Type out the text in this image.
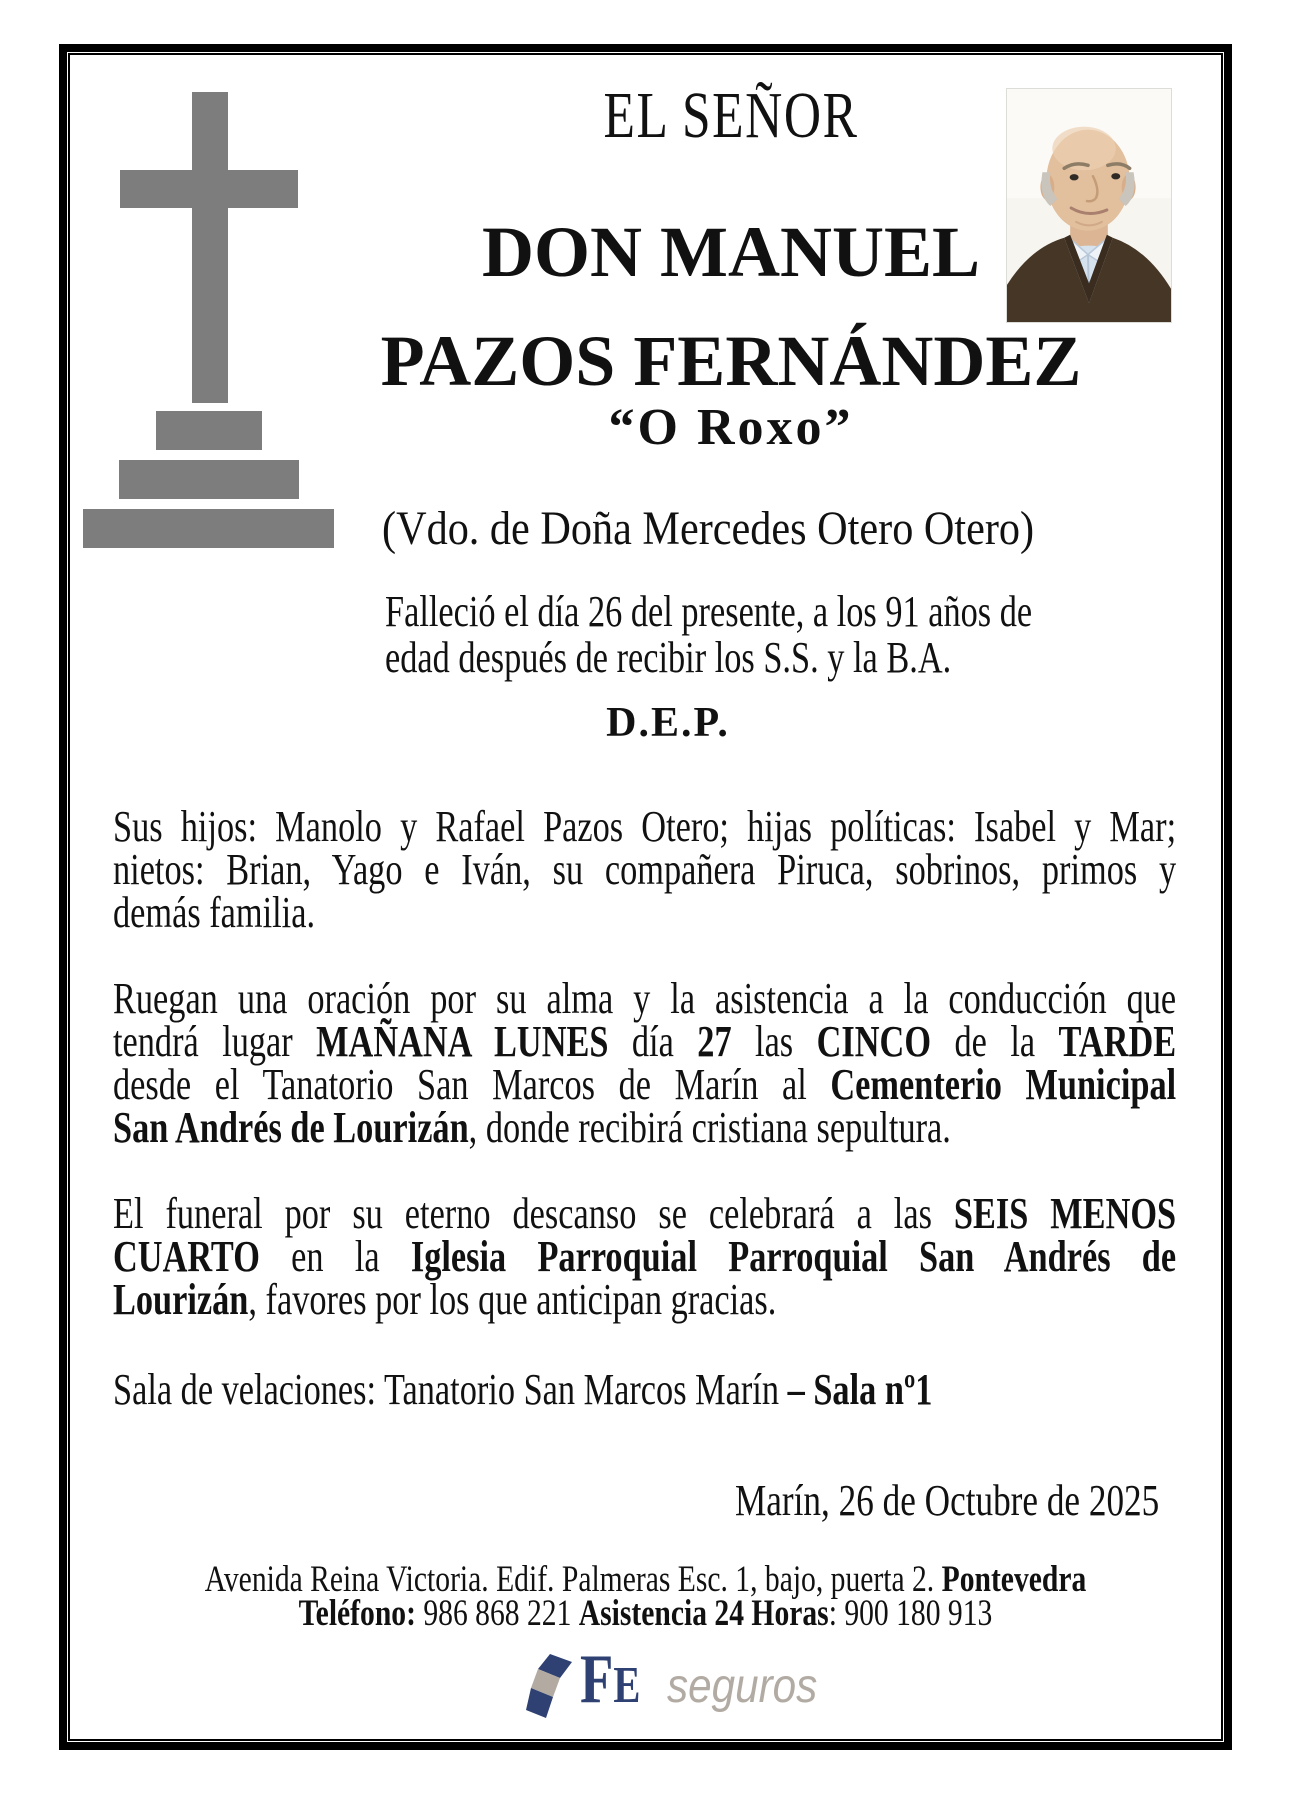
EL SEÑOR
DON MANUEL
PAZOS FERNÁNDEZ
“O Roxo”
(Vdo. de Doña Mercedes Otero Otero)
Falleció el día 26 del presente, a los 91 años de
edad después de recibir los S.S. y la B.A.
D.E.P.
Sus hijos: Manolo y Rafael Pazos Otero; hijas políticas: Isabel y Mar;
nietos: Brian, Yago e Iván, su compañera Piruca, sobrinos, primos y
demás familia.
Ruegan una oración por su alma y la asistencia a la conducción que
tendrá lugar MAÑANA LUNES día 27 las CINCO de la TARDE
desde el Tanatorio San Marcos de Marín al Cementerio Municipal
San Andrés de Lourizán, donde recibirá cristiana sepultura.
El funeral por su eterno descanso se celebrará a las SEIS MENOS
CUARTO en la Iglesia Parroquial Parroquial San Andrés de
Lourizán, favores por los que anticipan gracias.
Sala de velaciones: Tanatorio San Marcos Marín – Sala nº1
Marín, 26 de Octubre de 2025
Avenida Reina Victoria. Edif. Palmeras Esc. 1, bajo, puerta 2. Pontevedra
Teléfono: 986 868 221 Asistencia 24 Horas: 900 180 913
F E seguros
